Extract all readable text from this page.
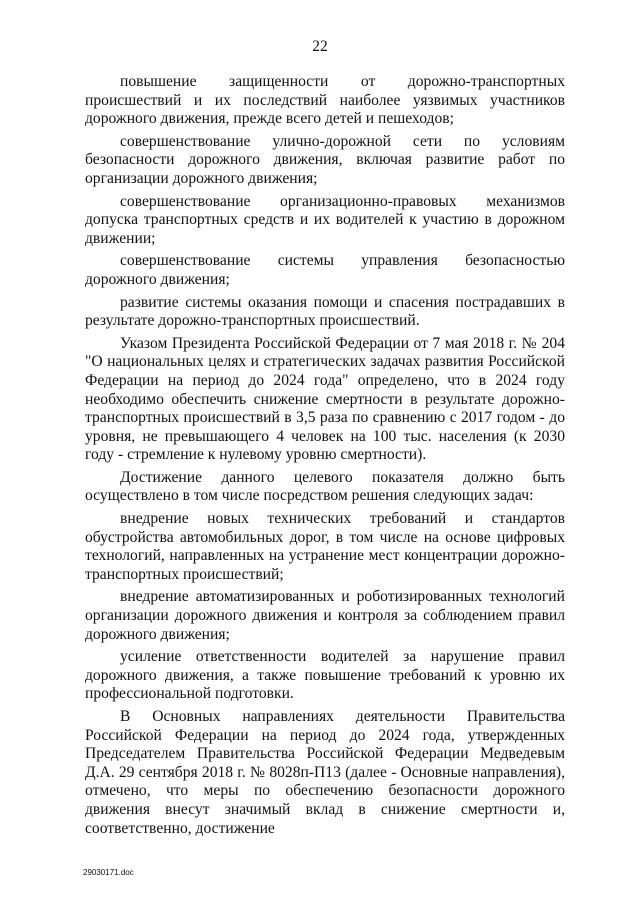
22

повышение защищенности от дорожно-транспортных происшествий и их последствий наиболее уязвимых участников дорожного движения, прежде всего детей и пешеходов;

совершенствование улично-дорожной сети по условиям безопасности дорожного движения, включая развитие работ по организации дорожного движения;

совершенствование организационно-правовых механизмов допуска транспортных средств и их водителей к участию в дорожном движении;

совершенствование системы управления безопасностью дорожного движения;

развитие системы оказания помощи и спасения пострадавших в результате дорожно-транспортных происшествий.

Указом Президента Российской Федерации от 7 мая 2018 г. № 204 "О национальных целях и стратегических задачах развития Российской Федерации на период до 2024 года" определено, что в 2024 году необходимо обеспечить снижение смертности в результате дорожно-транспортных происшествий в 3,5 раза по сравнению с 2017 годом - до уровня, не превышающего 4 человек на 100 тыс. населения (к 2030 году - стремление к нулевому уровню смертности).

Достижение данного целевого показателя должно быть осуществлено в том числе посредством решения следующих задач:

внедрение новых технических требований и стандартов обустройства автомобильных дорог, в том числе на основе цифровых технологий, направленных на устранение мест концентрации дорожно-транспортных происшествий;

внедрение автоматизированных и роботизированных технологий организации дорожного движения и контроля за соблюдением правил дорожного движения;

усиление ответственности водителей за нарушение правил дорожного движения, а также повышение требований к уровню их профессиональной подготовки.

В Основных направлениях деятельности Правительства Российской Федерации на период до 2024 года, утвержденных Председателем Правительства Российской Федерации Медведевым Д.А. 29 сентября 2018 г. № 8028п-П13 (далее - Основные направления), отмечено, что меры по обеспечению безопасности дорожного движения внесут значимый вклад в снижение смертности и, соответственно, достижение

29030171.doc
